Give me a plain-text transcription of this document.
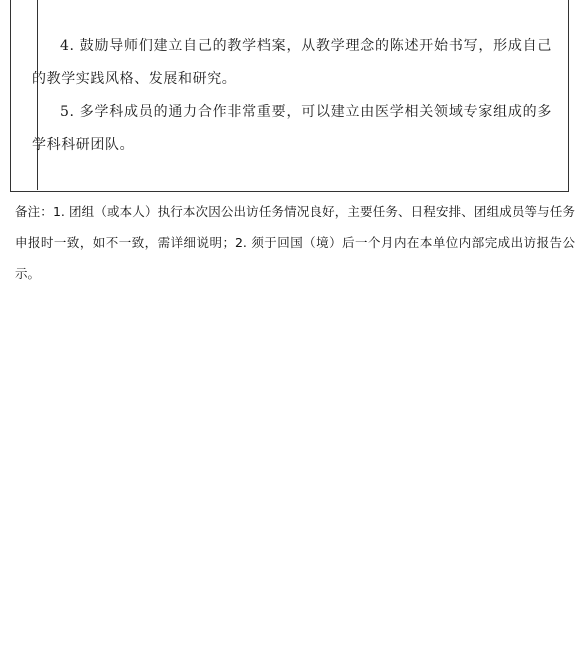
4. 鼓励导师们建立自己的教学档案，从教学理念的陈述开始书写，形成自己的教学实践风格、发展和研究。

5. 多学科成员的通力合作非常重要，可以建立由医学相关领域专家组成的多学科科研团队。

备注：1. 团组（或本人）执行本次因公出访任务情况良好，主要任务、日程安排、团组成员等与任务申报时一致，如不一致，需详细说明；2. 须于回国（境）后一个月内在本单位内部完成出访报告公示。
